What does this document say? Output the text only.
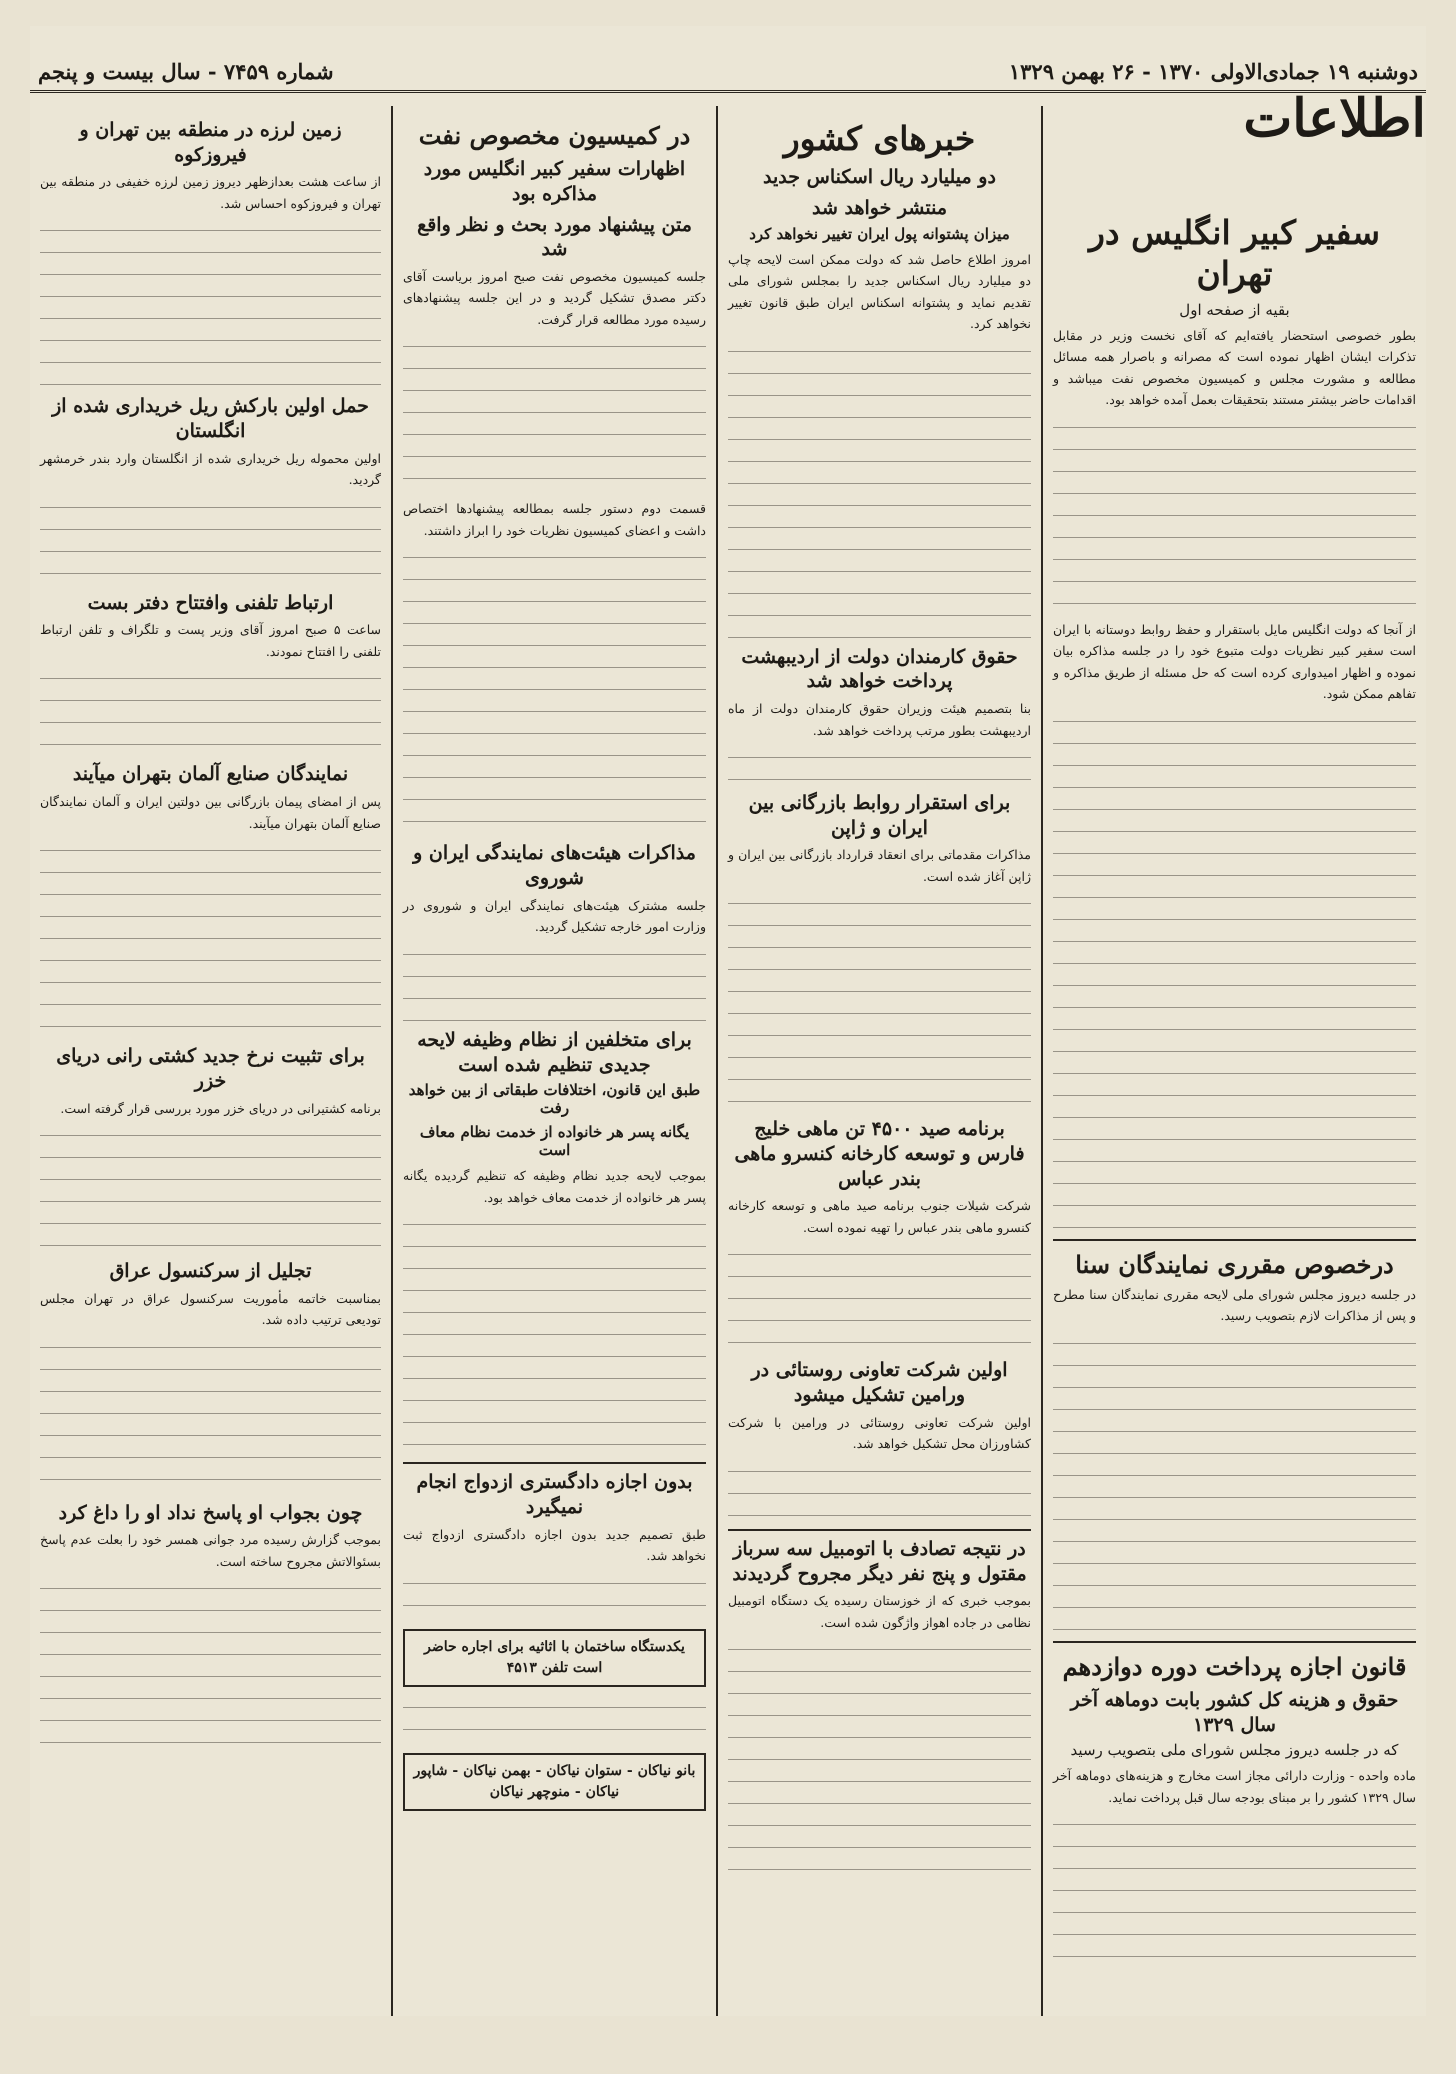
دوشنبه ۱۹ جمادی‌الاولی ۱۳۷۰ - ۲۶ بهمن ۱۳۲۹
شماره ۷۴۵۹ - سال بیست و پنجم
اطلاعات
سفیر کبیر انگلیس در تهران
بقیه از صفحه اول

بطور خصوصی استحضار یافته‌ایم که آقای نخست وزیر در مقابل تذکرات ایشان اظهار نموده است که مصرانه و باصرار همه مسائل مطالعه و مشورت مجلس و کمیسیون مخصوص نفت میباشد و اقدامات حاضر بیشتر مستند بتحقیقات بعمل آمده خواهد بود.

از آنجا که دولت انگلیس مایل باستقرار و حفظ روابط دوستانه با ایران است سفیر کبیر نظریات دولت متبوع خود را در جلسه مذاکره بیان نموده و اظهار امیدواری کرده است که حل مسئله از طریق مذاکره و تفاهم ممکن شود.

درخصوص مقرری نمایندگان سنا

در جلسه دیروز مجلس شورای ملی لایحه مقرری نمایندگان سنا مطرح و پس از مذاکرات لازم بتصویب رسید.

قانون اجازه پرداخت دوره دوازدهم
حقوق و هزینه کل کشور بابت دوماهه آخر سال ۱۳۲۹
که در جلسه دیروز مجلس شورای ملی بتصویب رسید

ماده واحده - وزارت دارائی مجاز است مخارج و هزینه‌های دوماهه آخر سال ۱۳۲۹ کشور را بر مبنای بودجه سال قبل پرداخت نماید.

خبرهای کشور
دو میلیارد ریال اسکناس جدید
منتشر خواهد شد
میزان پشتوانه پول ایران تغییر نخواهد کرد

امروز اطلاع حاصل شد که دولت ممکن است لایحه چاپ دو میلیارد ریال اسکناس جدید را بمجلس شورای ملی تقدیم نماید و پشتوانه اسکناس ایران طبق قانون تغییر نخواهد کرد.

حقوق کارمندان دولت از اردیبهشت پرداخت خواهد شد

بنا بتصمیم هیئت وزیران حقوق کارمندان دولت از ماه اردیبهشت بطور مرتب پرداخت خواهد شد.

برای استقرار روابط بازرگانی بین ایران و ژاپن

مذاکرات مقدماتی برای انعقاد قرارداد بازرگانی بین ایران و ژاپن آغاز شده است.

برنامه صید ۴۵۰۰ تن ماهی خلیج فارس و توسعه کارخانه کنسرو ماهی بندر عباس

شرکت شیلات جنوب برنامه صید ماهی و توسعه کارخانه کنسرو ماهی بندر عباس را تهیه نموده است.

اولین شرکت تعاونی روستائی در ورامین تشکیل میشود

اولین شرکت تعاونی روستائی در ورامین با شرکت کشاورزان محل تشکیل خواهد شد.

در نتیجه تصادف با اتومبیل سه سرباز مقتول و پنج نفر دیگر مجروح گردیدند

بموجب خبری که از خوزستان رسیده یک دستگاه اتومبیل نظامی در جاده اهواز واژگون شده است.

در کمیسیون مخصوص نفت
اظهارات سفیر کبیر انگلیس مورد مذاکره بود
متن پیشنهاد مورد بحث و نظر واقع شد

جلسه کمیسیون مخصوص نفت صبح امروز بریاست آقای دکتر مصدق تشکیل گردید و در این جلسه پیشنهادهای رسیده مورد مطالعه قرار گرفت.

قسمت دوم دستور جلسه بمطالعه پیشنهادها اختصاص داشت و اعضای کمیسیون نظریات خود را ابراز داشتند.

مذاکرات هیئت‌های نمایندگی ایران و شوروی

جلسه مشترک هیئت‌های نمایندگی ایران و شوروی در وزارت امور خارجه تشکیل گردید.

برای متخلفین از نظام وظیفه لایحه جدیدی تنظیم شده است
طبق این قانون، اختلافات طبقاتی از بین خواهد رفت
یگانه پسر هر خانواده از خدمت نظام معاف است

بموجب لایحه جدید نظام وظیفه که تنظیم گردیده یگانه پسر هر خانواده از خدمت معاف خواهد بود.

بدون اجازه دادگستری ازدواج انجام نمیگیرد

طبق تصمیم جدید بدون اجازه دادگستری ازدواج ثبت نخواهد شد.

یکدستگاه ساختمان با اثاثیه برای اجاره حاضر است تلفن ۴۵۱۳
بانو نیاکان - ستوان نیاکان - بهمن نیاکان - شاپور نیاکان - منوچهر نیاکان
زمین لرزه در منطقه بین تهران و فیروزکوه

از ساعت هشت بعدازظهر دیروز زمین لرزه خفیفی در منطقه بین تهران و فیروزکوه احساس شد.

حمل اولین بارکش ریل خریداری شده از انگلستان

اولین محموله ریل خریداری شده از انگلستان وارد بندر خرمشهر گردید.

ارتباط تلفنی وافتتاح دفتر بست

ساعت ۵ صبح امروز آقای وزیر پست و تلگراف و تلفن ارتباط تلفنی را افتتاح نمودند.

نمایندگان صنایع آلمان بتهران میآیند

پس از امضای پیمان بازرگانی بین دولتین ایران و آلمان نمایندگان صنایع آلمان بتهران میآیند.

برای تثبیت نرخ جدید کشتی رانی دریای خزر

برنامه کشتیرانی در دریای خزر مورد بررسی قرار گرفته است.

تجلیل از سرکنسول عراق

بمناسبت خاتمه مأموریت سرکنسول عراق در تهران مجلس تودیعی ترتیب داده شد.

چون بجواب او پاسخ نداد او را داغ کرد

بموجب گزارش رسیده مرد جوانی همسر خود را بعلت عدم پاسخ بسئوالاتش مجروح ساخته است.
